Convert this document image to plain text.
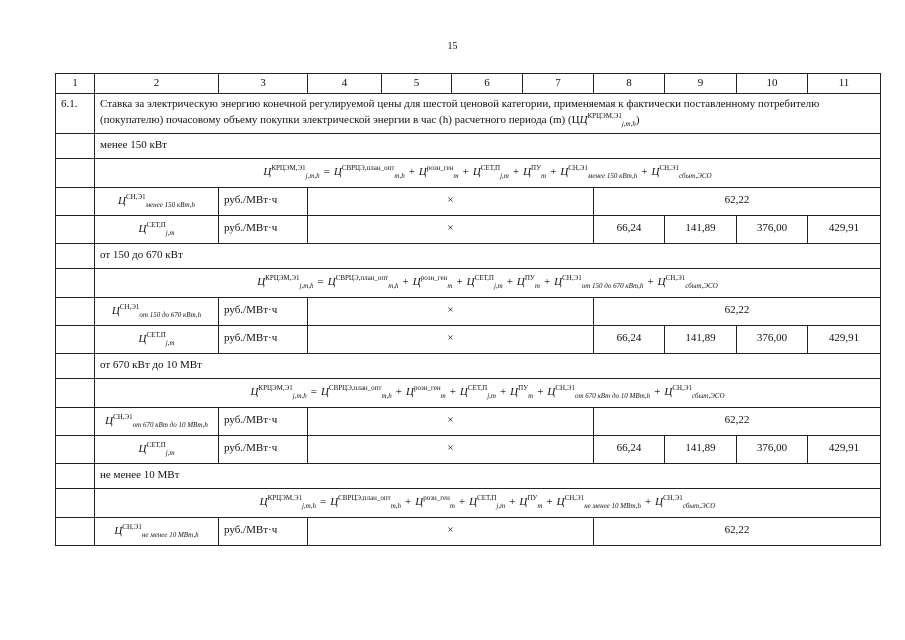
15
1	2	3	4	5	6	7	8	9	10	11
6.1.	Ставка за электрическую энергию конечной регулируемой цены для шестой ценовой категории, применяемая к фактически поставленному потребителю (покупателю) почасовому объему покупки электрической энергии в час (h) расчетного периода (m) $(ЦЦ^{КРЦЭМ,Э1}_{j,m,h})$									
	менее 150 кВт									
	$Ц^{КРЦЭМ,Э1}_{j,m,h} = Ц^{СВРЦЭ,план\_опт}_{m,h} + Ц^{розн\_ген}_m + Ц^{СЕТ,П}_{j,m} + Ц^{ПУ}_m + Ц^{СН,Э1}_{менее 150 кВт,h} + Ц^{СН,Э1}_{сбыт,ЭСО}$
	$Ц^{СН,Э1}_{менее 150 кВт,h}$	руб./МВт·ч	×				62,22			
	$Ц^{СЕТ,П}_{j,m}$	руб./МВт·ч	×				66,24	141,89	376,00	429,91
	от 150 до 670 кВт									
	$Ц^{КРЦЭМ,Э1}_{j,m,h} = Ц^{СВРЦЭ,план\_опт}_{m,h} + Ц^{розн\_ген}_m + Ц^{СЕТ,П}_{j,m} + Ц^{ПУ}_m + Ц^{СН,Э1}_{от 150 до 670 кВт,h} + Ц^{СН,Э1}_{сбыт,ЭСО}$
	$Ц^{СН,Э1}_{от 150 до 670 кВт,h}$	руб./МВт·ч	×				62,22			
	$Ц^{СЕТ,П}_{j,m}$	руб./МВт·ч	×				66,24	141,89	376,00	429,91
	от 670 кВт до 10 МВт									
	$Ц^{КРЦЭМ,Э1}_{j,m,h} = Ц^{СВРЦЭ,план\_опт}_{m,h} + Ц^{розн\_ген}_m + Ц^{СЕТ,П}_{j,m} + Ц^{ПУ}_m + Ц^{СН,Э1}_{от 670 кВт до 10 МВт,h} + Ц^{СН,Э1}_{сбыт,ЭСО}$
	$Ц^{СН,Э1}_{от 670 кВт до 10 МВт,h}$	руб./МВт·ч	×				62,22			
	$Ц^{СЕТ,П}_{j,m}$	руб./МВт·ч	×				66,24	141,89	376,00	429,91
	не менее 10 МВт									
	$Ц^{КРЦЭМ,Э1}_{j,m,h} = Ц^{СВРЦЭ,план\_опт}_{m,h} + Ц^{розн\_ген}_m + Ц^{СЕТ,П}_{j,m} + Ц^{ПУ}_m + Ц^{СН,Э1}_{не менее 10 МВт,h} + Ц^{СН,Э1}_{сбыт,ЭСО}$
	$Ц^{СН,Э1}_{не менее 10 МВт,h}$	руб./МВт·ч	×				62,22			
